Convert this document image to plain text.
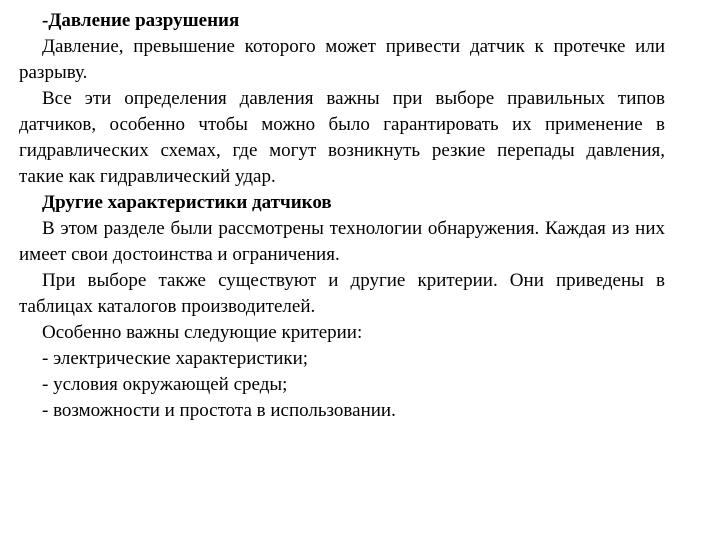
-Давление разрушения

Давление, превышение которого может привести датчик к протечке или разрыву.

Все эти определения давления важны при выборе правильных типов датчиков, особенно чтобы можно было гарантировать их применение в гидравлических схемах, где могут возникнуть резкие перепады давления, такие как гидравлический удар.

Другие характеристики датчиков

В этом разделе были рассмотрены технологии обнаружения. Каждая из них имеет свои достоинства и ограничения.

При выборе также существуют и другие критерии. Они приведены в таблицах каталогов производителей.

Особенно важны следующие критерии:

- электрические характеристики;

- условия окружающей среды;

- возможности и простота в использовании.
